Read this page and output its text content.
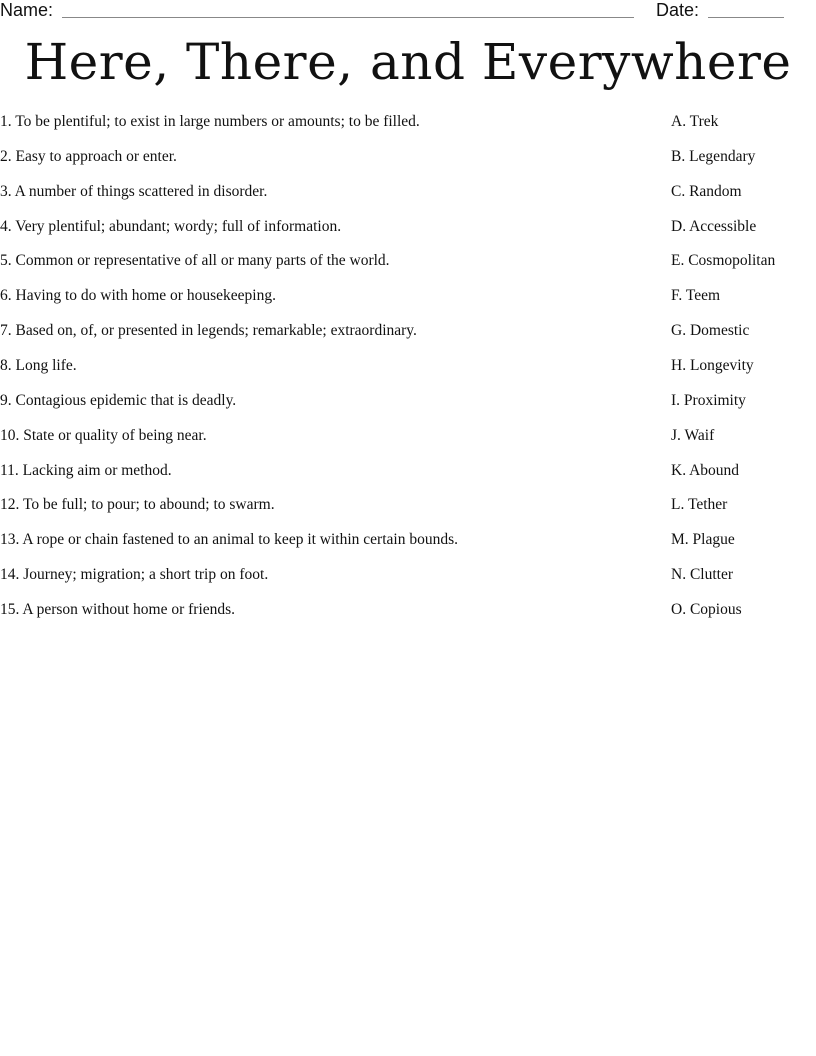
Name:	Date:
Here, There, and Everywhere
1. To be plentiful; to exist in large numbers or amounts; to be filled.
2. Easy to approach or enter.
3. A number of things scattered in disorder.
4. Very plentiful; abundant; wordy; full of information.
5. Common or representative of all or many parts of the world.
6. Having to do with home or housekeeping.
7. Based on, of, or presented in legends; remarkable; extraordinary.
8. Long life.
9. Contagious epidemic that is deadly.
10. State or quality of being near.
11. Lacking aim or method.
12. To be full; to pour; to abound; to swarm.
13. A rope or chain fastened to an animal to keep it within certain bounds.
14. Journey; migration; a short trip on foot.
15. A person without home or friends.
A. Trek
B. Legendary
C. Random
D. Accessible
E. Cosmopolitan
F. Teem
G. Domestic
H. Longevity
I. Proximity
J. Waif
K. Abound
L. Tether
M. Plague
N. Clutter
O. Copious
